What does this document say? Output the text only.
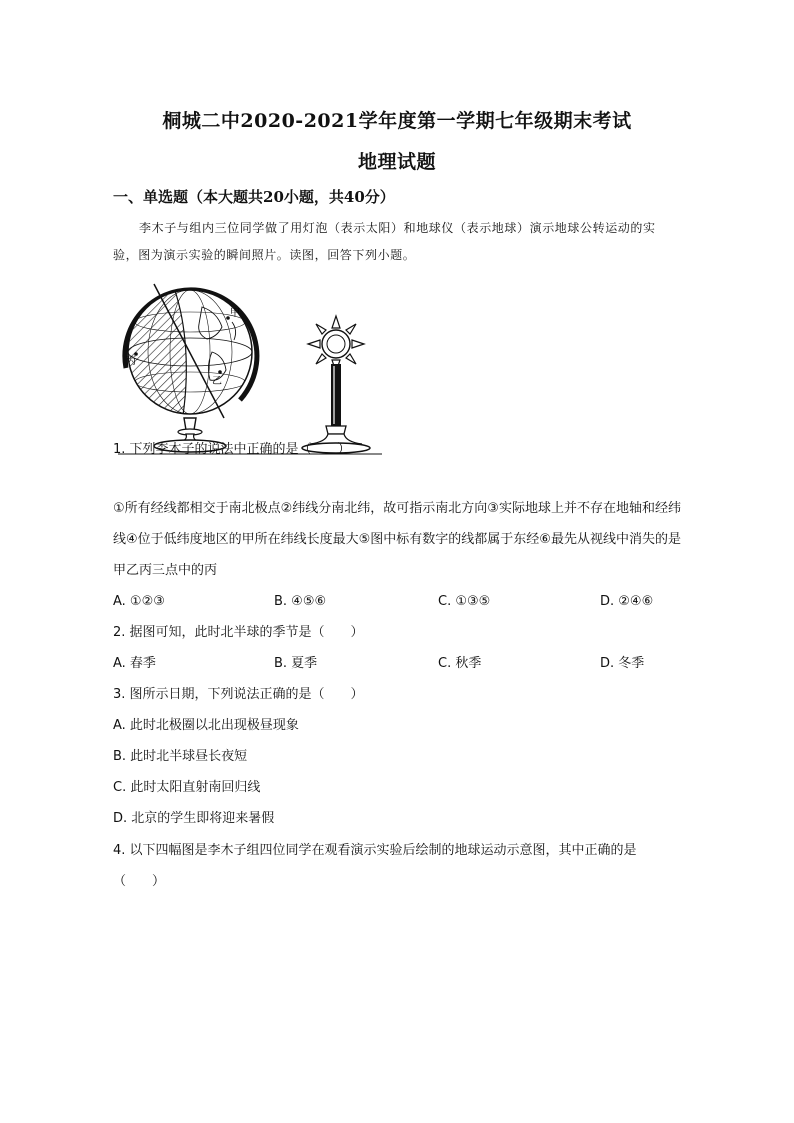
桐城二中2020-2021学年度第一学期七年级期末考试
地理试题
一、单选题（本大题共20小题，共40分）
李木子与组内三位同学做了用灯泡（表示太阳）和地球仪（表示地球）演示地球公转运动的实验，图为演示实验的瞬间照片。读图，回答下列小题。
甲
乙
丙
1. 下列李木子的说法中正确的是（　　）
①所有经线都相交于南北极点②纬线分南北纬，故可指示南北方向③实际地球上并不存在地轴和经纬线④位于低纬度地区的甲所在纬线长度最大⑤图中标有数字的线都属于东经⑥最先从视线中消失的是甲乙丙三点中的丙
A. ①②③	B. ④⑤⑥	C. ①③⑤	D. ②④⑥
2. 据图可知，此时北半球的季节是（　　）
A. 春季	B. 夏季	C. 秋季	D. 冬季
3. 图所示日期，下列说法正确的是（　　）
A. 此时北极圈以北出现极昼现象
B. 此时北半球昼长夜短
C. 此时太阳直射南回归线
D. 北京的学生即将迎来暑假
4. 以下四幅图是李木子组四位同学在观看演示实验后绘制的地球运动示意图，其中正确的是（　　）
